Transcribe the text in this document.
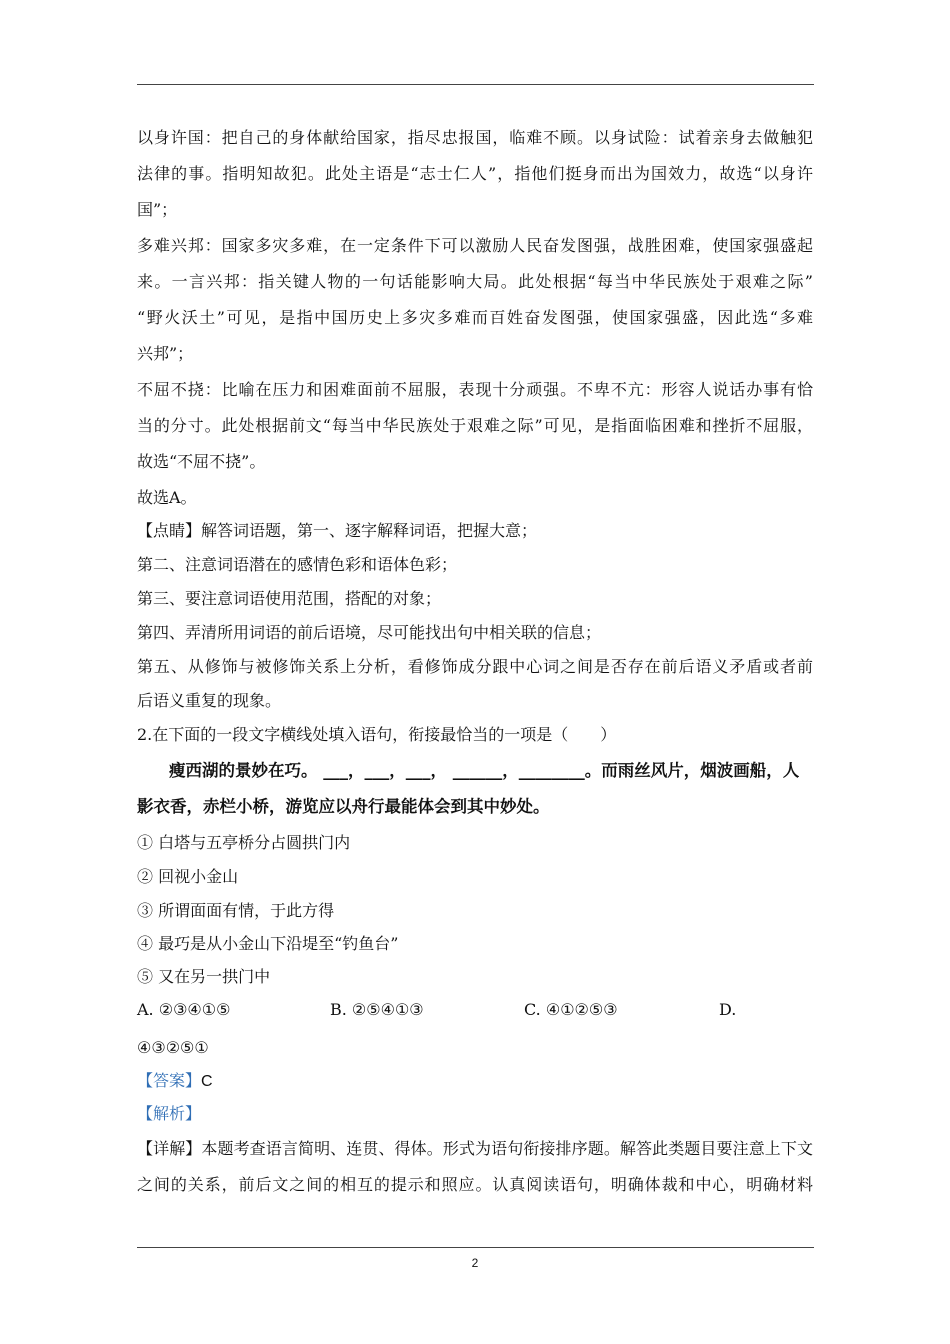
以身许国：把自己的身体献给国家，指尽忠报国，临难不顾。以身试险：试着亲身去做触犯
法律的事。指明知故犯。此处主语是“志士仁人”，指他们挺身而出为国效力，故选“以身许
国”；
多难兴邦：国家多灾多难，在一定条件下可以激励人民奋发图强，战胜困难，使国家强盛起
来。一言兴邦：指关键人物的一句话能影响大局。此处根据“每当中华民族处于艰难之际”
“野火沃土”可见，是指中国历史上多灾多难而百姓奋发图强，使国家强盛，因此选“多难
兴邦”；
不屈不挠：比喻在压力和困难面前不屈服，表现十分顽强。不卑不亢：形容人说话办事有恰
当的分寸。此处根据前文“每当中华民族处于艰难之际”可见，是指面临困难和挫折不屈服，
故选“不屈不挠”。
故选A。
【点睛】解答词语题，第一、逐字解释词语，把握大意；
第二、注意词语潜在的感情色彩和语体色彩；
第三、要注意词语使用范围，搭配的对象；
第四、弄清所用词语的前后语境，尽可能找出句中相关联的信息；
第五、从修饰与被修饰关系上分析，看修饰成分跟中心词之间是否存在前后语义矛盾或者前
后语义重复的现象。
2.在下面的一段文字横线处填入语句，衔接最恰当的一项是（　　）
瘦西湖的景妙在巧。 ___，___，___， ______，________。而雨丝风片，烟波画船，人
影衣香，赤栏小桥，游览应以舟行最能体会到其中妙处。
① 白塔与五亭桥分占圆拱门内
② 回视小金山
③ 所谓面面有情，于此方得
④ 最巧是从小金山下沿堤至“钓鱼台”
⑤ 又在另一拱门中
A. ②③④①⑤	B. ②⑤④①③	C. ④①②⑤③	D.
④③②⑤①
【答案】C
【解析】
【详解】本题考查语言简明、连贯、得体。形式为语句衔接排序题。解答此类题目要注意上下文
之间的关系，前后文之间的相互的提示和照应。认真阅读语句，明确体裁和中心，明确材料
2
